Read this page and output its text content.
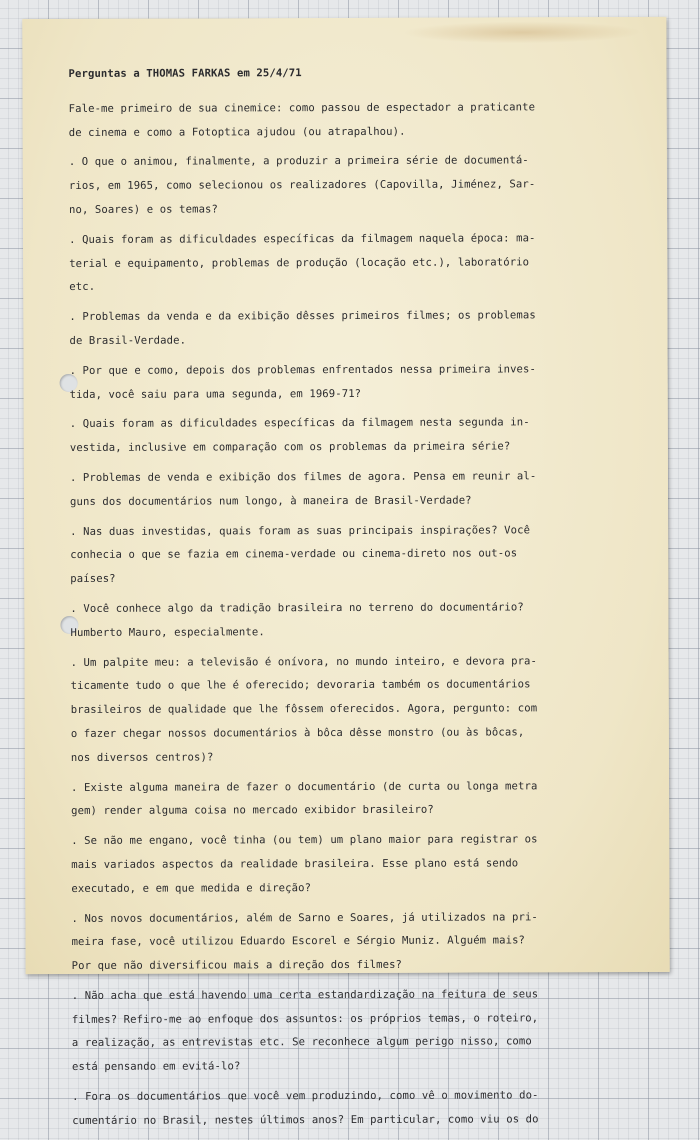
Perguntas a THOMAS FARKAS em 25/4/71

Fale-me primeiro de sua cinemice: como passou de espectador a praticante
de cinema e como a Fotoptica ajudou (ou atrapalhou).

. O que o animou, finalmente, a produzir a primeira série de documentá-
rios, em 1965, como selecionou os realizadores (Capovilla, Jiménez, Sar-
no, Soares) e os temas?

. Quais foram as dificuldades específicas da filmagem naquela época: ma-
terial e equipamento, problemas de produção (locação etc.), laboratório
etc.

. Problemas da venda e da exibição dêsses primeiros filmes; os problemas
de Brasil-Verdade.

. Por que e como, depois dos problemas enfrentados nessa primeira inves-
tida, você saiu para uma segunda, em 1969-71?

. Quais foram as dificuldades específicas da filmagem nesta segunda in-
vestida, inclusive em comparação com os problemas da primeira série?

. Problemas de venda e exibição dos filmes de agora. Pensa em reunir al-
guns dos documentários num longo, à maneira de Brasil-Verdade?

. Nas duas investidas, quais foram as suas principais inspirações? Você
conhecia o que se fazia em cinema-verdade ou cinema-direto nos out-os
países?

. Você conhece algo da tradição brasileira no terreno do documentário?
Humberto Mauro, especialmente.

. Um palpite meu: a televisão é onívora, no mundo inteiro, e devora pra-
ticamente tudo o que lhe é oferecido; devoraria também os documentários
brasileiros de qualidade que lhe fôssem oferecidos. Agora, pergunto: com
o fazer chegar nossos documentários à bôca dêsse monstro (ou às bôcas,
nos diversos centros)?

. Existe alguma maneira de fazer o documentário (de curta ou longa metra
gem) render alguma coisa no mercado exibidor brasileiro?

. Se não me engano, você tinha (ou tem) um plano maior para registrar os
mais variados aspectos da realidade brasileira. Esse plano está sendo
executado, e em que medida e direção?

. Nos novos documentários, além de Sarno e Soares, já utilizados na pri-
meira fase, você utilizou Eduardo Escorel e Sérgio Muniz. Alguém mais?
Por que não diversificou mais a direção dos filmes?

. Não acha que está havendo uma certa estandardização na feitura de seus
filmes? Refiro-me ao enfoque dos assuntos: os próprios temas, o roteiro,
a realização, as entrevistas etc. Se reconhece algum perigo nisso, como
está pensando em evitá-lo?

. Fora os documentários que você vem produzindo, como vê o movimento do-
cumentário no Brasil, nestes últimos anos? Em particular, como viu os do
